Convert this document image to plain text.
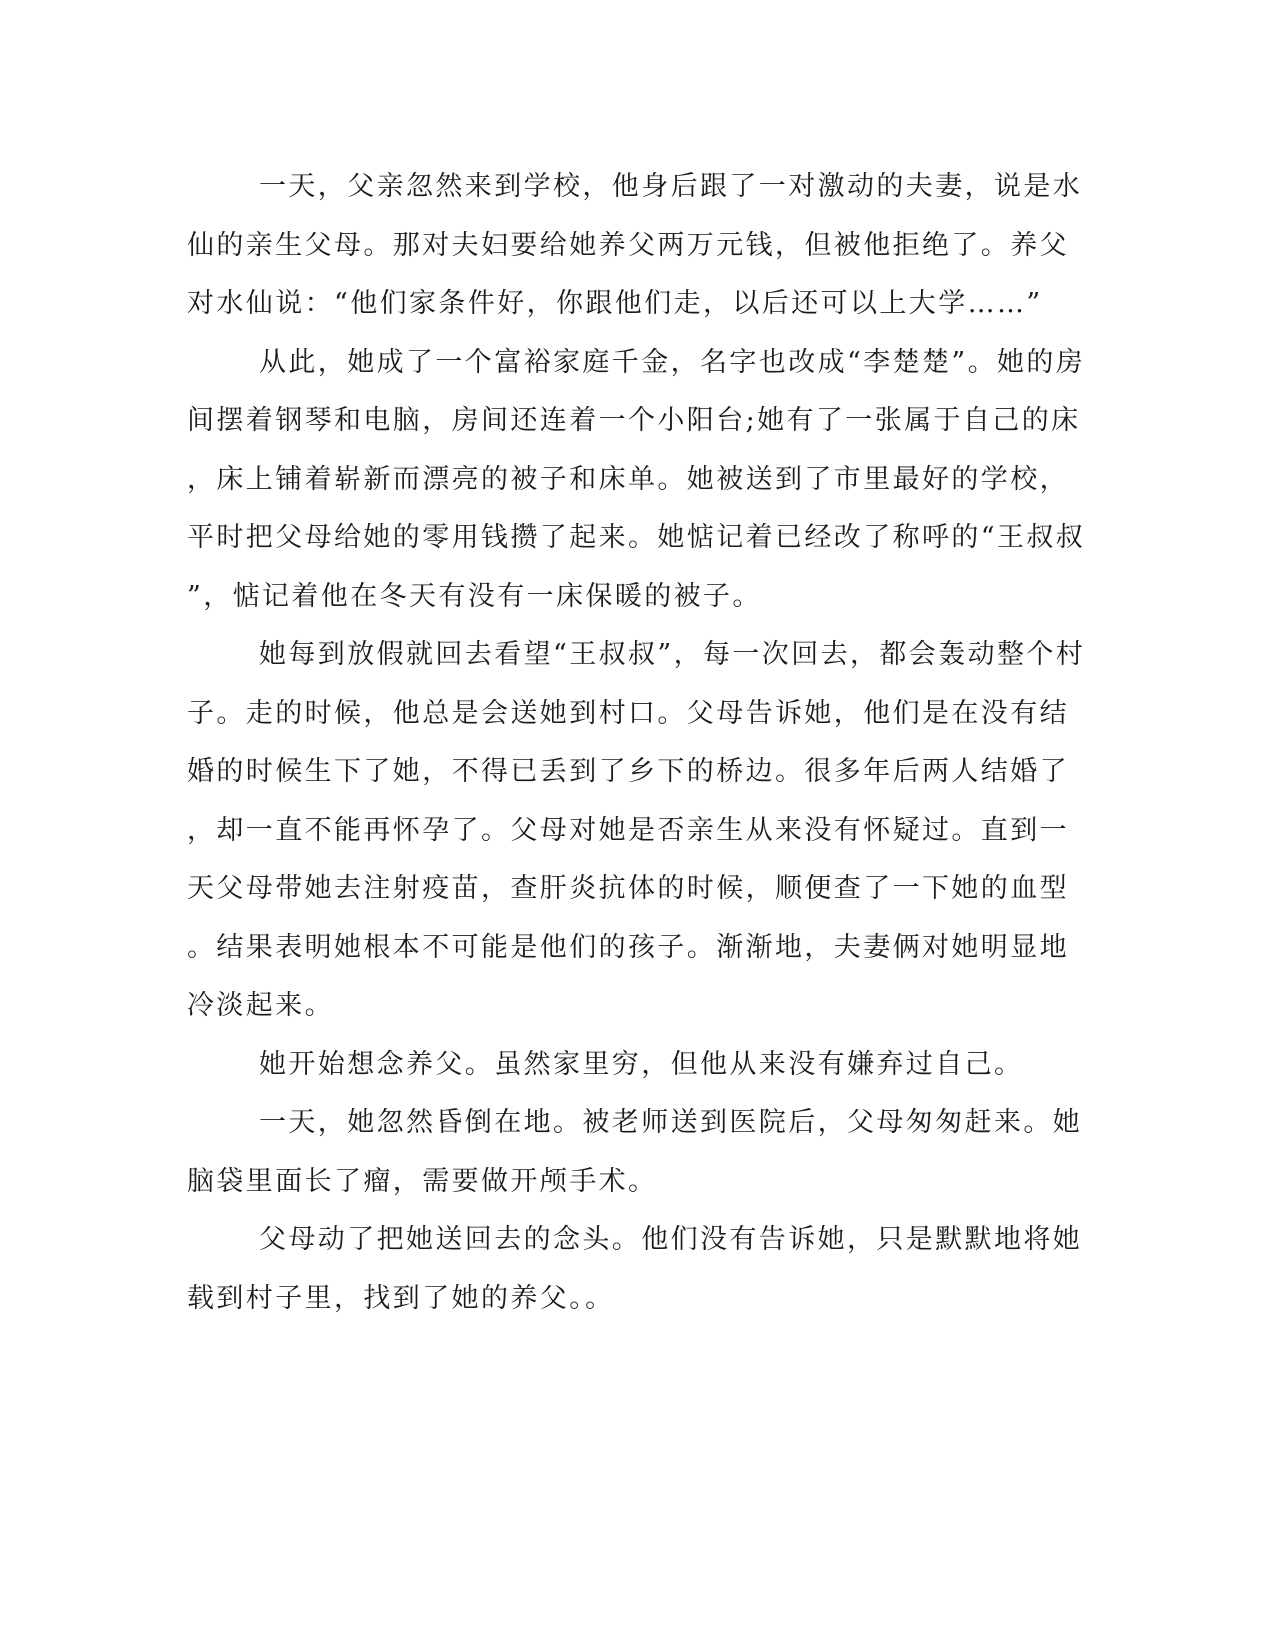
一天，父亲忽然来到学校，他身后跟了一对激动的夫妻，说是水
仙的亲生父母。那对夫妇要给她养父两万元钱，但被他拒绝了。养父
对水仙说：“他们家条件好，你跟他们走，以后还可以上大学……”
从此，她成了一个富裕家庭千金，名字也改成“李楚楚”。她的房
间摆着钢琴和电脑，房间还连着一个小阳台;她有了一张属于自己的床
，床上铺着崭新而漂亮的被子和床单。她被送到了市里最好的学校，
平时把父母给她的零用钱攒了起来。她惦记着已经改了称呼的“王叔叔
”，惦记着他在冬天有没有一床保暖的被子。
她每到放假就回去看望“王叔叔”，每一次回去，都会轰动整个村
子。走的时候，他总是会送她到村口。父母告诉她，他们是在没有结
婚的时候生下了她，不得已丢到了乡下的桥边。很多年后两人结婚了
，却一直不能再怀孕了。父母对她是否亲生从来没有怀疑过。直到一
天父母带她去注射疫苗，查肝炎抗体的时候，顺便查了一下她的血型
。结果表明她根本不可能是他们的孩子。渐渐地，夫妻俩对她明显地
冷淡起来。
她开始想念养父。虽然家里穷，但他从来没有嫌弃过自己。
一天，她忽然昏倒在地。被老师送到医院后，父母匆匆赶来。她
脑袋里面长了瘤，需要做开颅手术。
父母动了把她送回去的念头。他们没有告诉她，只是默默地将她
载到村子里，找到了她的养父。。
